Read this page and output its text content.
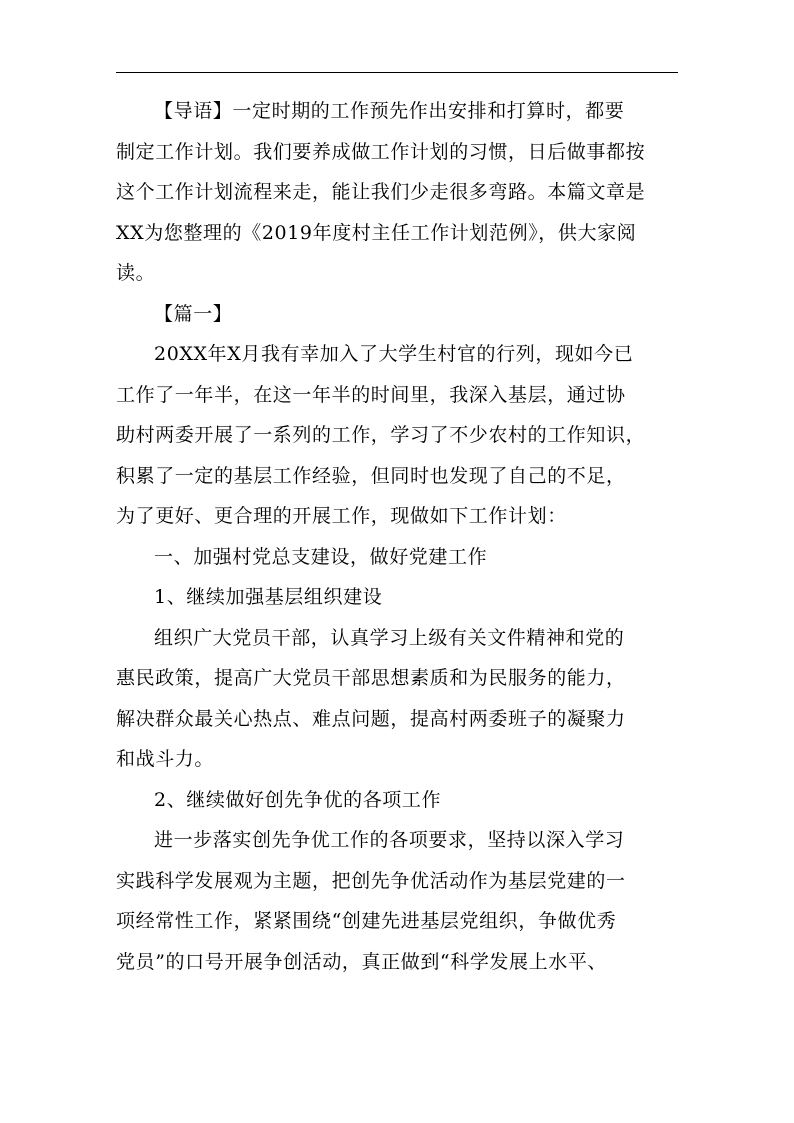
【导语】一定时期的工作预先作出安排和打算时，都要
制定工作计划。我们要养成做工作计划的习惯，日后做事都按
这个工作计划流程来走，能让我们少走很多弯路。本篇文章是
XX为您整理的《2019年度村主任工作计划范例》，供大家阅
读。

【篇一】

20XX年X月我有幸加入了大学生村官的行列，现如今已
工作了一年半，在这一年半的时间里，我深入基层，通过协
助村两委开展了一系列的工作，学习了不少农村的工作知识，
积累了一定的基层工作经验，但同时也发现了自己的不足，
为了更好、更合理的开展工作，现做如下工作计划：

一、加强村党总支建设，做好党建工作

1、继续加强基层组织建设

组织广大党员干部，认真学习上级有关文件精神和党的
惠民政策，提高广大党员干部思想素质和为民服务的能力，
解决群众最关心热点、难点问题，提高村两委班子的凝聚力
和战斗力。

2、继续做好创先争优的各项工作

进一步落实创先争优工作的各项要求，坚持以深入学习
实践科学发展观为主题，把创先争优活动作为基层党建的一
项经常性工作，紧紧围绕“创建先进基层党组织，争做优秀
党员”的口号开展争创活动，真正做到“科学发展上水平、
